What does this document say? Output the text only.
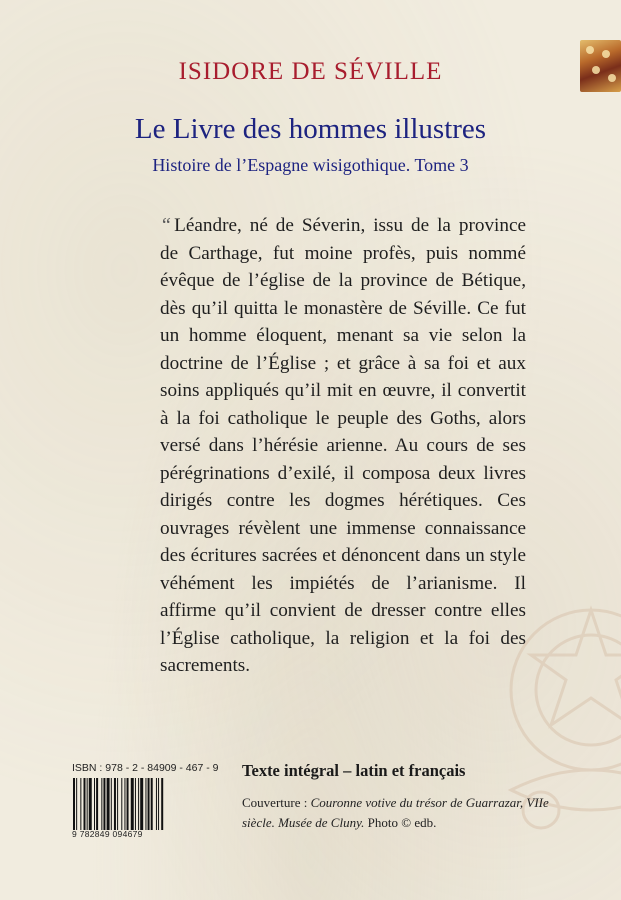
ISIDORE DE SÉVILLE
Le Livre des hommes illustres
Histoire de l’Espagne wisigothique. Tome 3
“ Léandre, né de Séverin, issu de la province de Carthage, fut moine profès, puis nommé évêque de l’église de la province de Bétique, dès qu’il quitta le monastère de Séville. Ce fut un homme éloquent, menant sa vie selon la doctrine de l’Église ; et grâce à sa foi et aux soins appliqués qu’il mit en œuvre, il convertit à la foi catholique le peuple des Goths, alors versé dans l’hérésie arienne. Au cours de ses pérégrinations d’exilé, il composa deux livres dirigés contre les dogmes hérétiques. Ces ouvrages révèlent une immense connaissance des écritures sacrées et dénoncent dans un style véhément les impiétés de l’arianisme. Il affirme qu’il convient de dresser contre elles l’Église catholique, la religion et la foi des sacrements.
ISBN : 978 - 2 - 84909 - 467 - 9
9 782849 094679
Texte intégral – latin et français
Couverture : Couronne votive du trésor de Guarrazar, VIIe siècle. Musée de Cluny. Photo © edb.
